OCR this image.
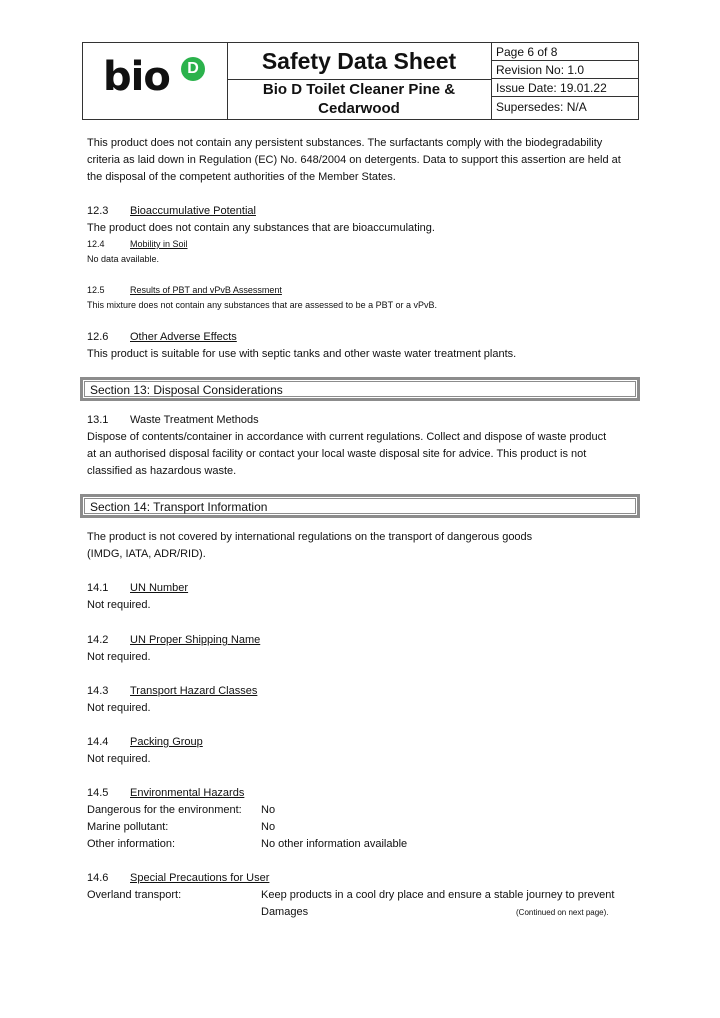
bio	D	Safety Data Sheet
Bio D Toilet Cleaner Pine & Cedarwood
Page 6 of 8
Revision No: 1.0
Issue Date: 19.01.22
Supersedes: N/A
This product does not contain any persistent substances. The surfactants comply with the biodegradability
criteria as laid down in Regulation (EC) No. 648/2004 on detergents. Data to support this assertion are held at
the disposal of the competent authorities of the Member States.
12.3 Bioaccumulative Potential
The product does not contain any substances that are bioaccumulating.
12.4	Mobility in Soil
No data available.
12.5	Results of PBT and vPvB Assessment
This mixture does not contain any substances that are assessed to be a PBT or a vPvB.
12.6 Other Adverse Effects
This product is suitable for use with septic tanks and other waste water treatment plants.
Section 13: Disposal Considerations
13.1 Waste Treatment Methods
Dispose of contents/container in accordance with current regulations. Collect and dispose of waste product
at an authorised disposal facility or contact your local waste disposal site for advice. This product is not
classified as hazardous waste.
Section 14: Transport Information
The product is not covered by international regulations on the transport of dangerous goods
(IMDG, IATA, ADR/RID).
14.1 UN Number
Not required.
14.2 UN Proper Shipping Name
Not required.
14.3 Transport Hazard Classes
Not required.
14.4 Packing Group
Not required.
14.5 Environmental Hazards
Dangerous for the environment: No
Marine pollutant:	No
Other information:	No other information available
14.6 Special Precautions for User
Overland transport:	Keep products in a cool dry place and ensure a stable journey to prevent
Damages	(Continued on next page).
